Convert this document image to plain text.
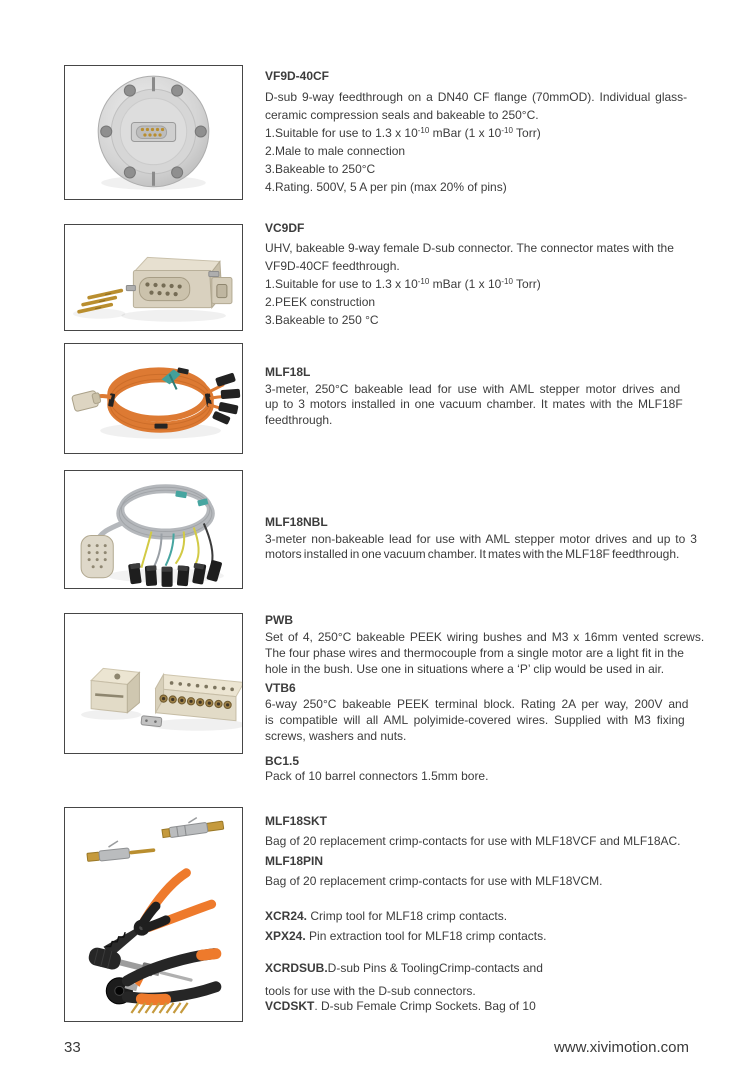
VF9D-40CF
D-sub 9-way feedthrough on a DN40 CF flange (70mmOD). Individual glass-
ceramic compression seals and bakeable to 250°C.
1.Suitable for use to 1.3 x $10^{-10}$ mBar (1 x $10^{-10}$ Torr)
2.Male to male connection
3.Bakeable to 250°C
4.Rating. 500V, 5 A per pin (max 20% of pins)
VC9DF
UHV, bakeable 9-way female D-sub connector. The connector mates with the
VF9D-40CF feedthrough.
1.Suitable for use to 1.3 x $10^{-10}$ mBar (1 x $10^{-10}$ Torr)
2.PEEK construction
3.Bakeable to 250 °C
MLF18L
3-meter, 250°C bakeable lead for use with AML stepper motor drives and
up to 3 motors installed in one vacuum chamber. It mates with the MLF18F
feedthrough.
MLF18NBL
3-meter non-bakeable lead for use with AML stepper motor drives and up to 3
motors installed in one vacuum chamber. It mates with the MLF18F feedthrough.
PWB
Set of 4, 250°C bakeable PEEK wiring bushes and M3 x 16mm vented screws.
The four phase wires and thermocouple from a single motor are a light fit in the
hole in the bush. Use one in situations where a ‘P’ clip would be used in air.
VTB6
6-way 250°C bakeable PEEK terminal block. Rating 2A per way, 200V and
is compatible will all AML polyimide-covered wires. Supplied with M3 fixing
screws, washers and nuts.
BC1.5
Pack of 10 barrel connectors 1.5mm bore.
MLF18SKT
Bag of 20 replacement crimp-contacts for use with MLF18VCF and MLF18AC.
MLF18PIN
Bag of 20 replacement crimp-contacts for use with MLF18VCM.
XCR24. Crimp tool for MLF18 crimp contacts.
XPX24. Pin extraction tool for MLF18 crimp contacts.
XCRDSUB.D-sub Pins & ToolingCrimp-contacts and
tools for use with the D-sub connectors.
VCDSKT. D-sub Female Crimp Sockets. Bag of 10
33	www.xivimotion.com
